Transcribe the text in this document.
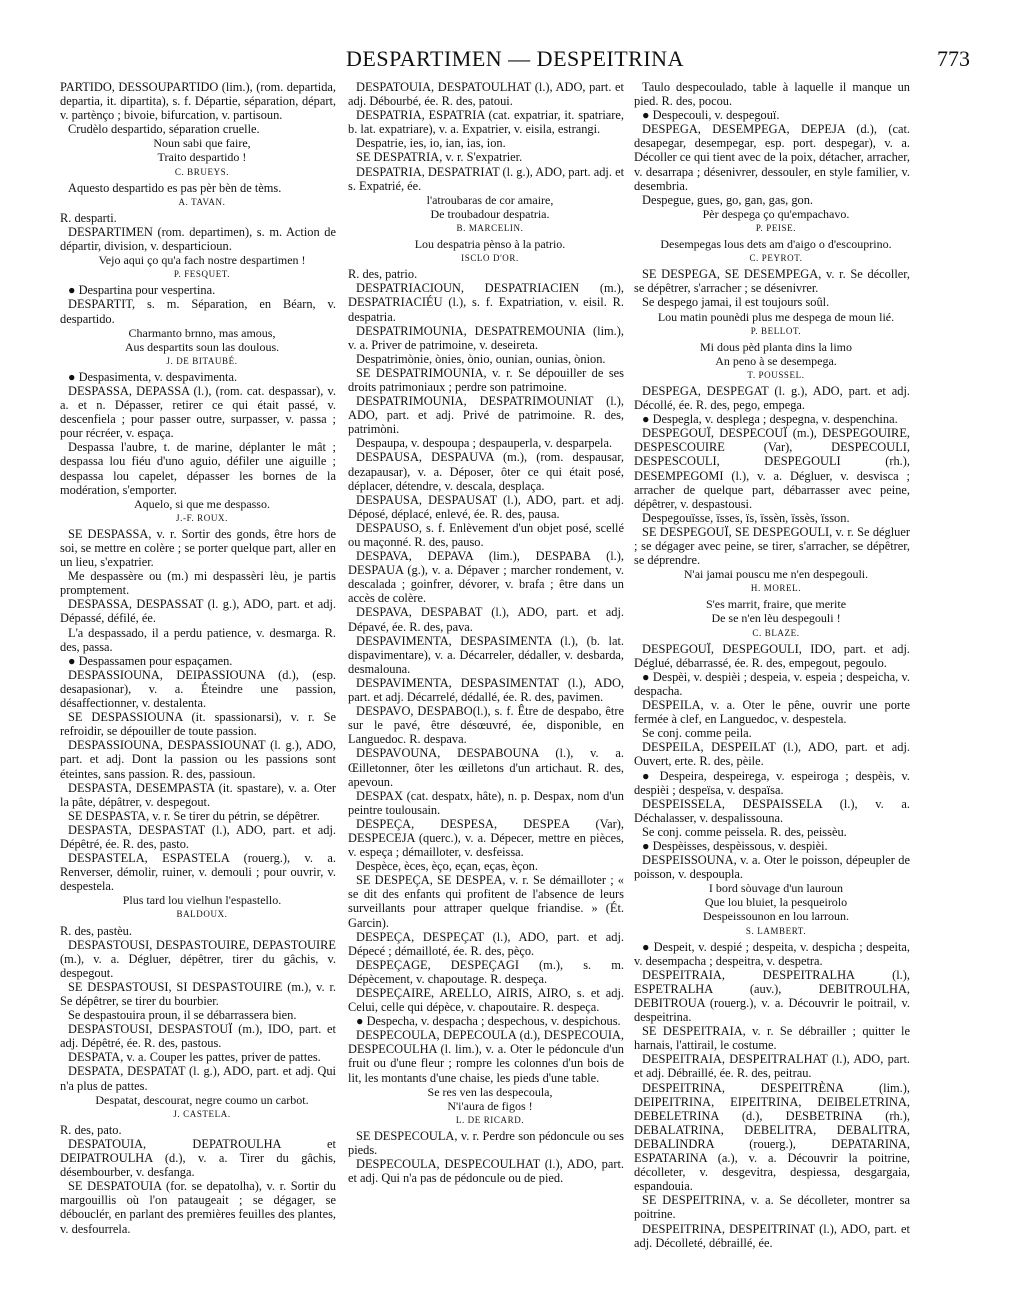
DESPARTIMEN — DESPEITRINA	773

PARTIDO, DESSOUPARTIDO (lim.), (rom. departida, departia, it. dipartita), s. f. Départie, séparation, départ, v. partènço ; bivoie, bifurcation, v. partisoun.

Crudèlo despartido, séparation cruelle.

Noun sabi que faire,

Traito despartido !

C. BRUEYS.

Aquesto despartido es pas pèr bèn de tèms.

A. TAVAN.

R. desparti.

DESPARTIMEN (rom. departimen), s. m. Action de départir, division, v. desparticioun.

Vejo aqui ço qu'a fach nostre despartimen !

P. FESQUET.

● Despartina pour vespertina.

DESPARTIT, s. m. Séparation, en Béarn, v. despartido.

Charmanto brnno, mas amous,

Aus despartits soun las doulous.

J. DE BITAUBÉ.

● Despasimenta, v. despavimenta.

DESPASSA, DEPASSA (l.), (rom. cat. despassar), v. a. et n. Dépasser, retirer ce qui était passé, v. descenfiela ; pour passer outre, surpasser, v. passa ; pour récréer, v. espaça.

Despassa l'aubre, t. de marine, déplanter le mât ; despassa lou fiéu d'uno aguio, défiler une aiguille ; despassa lou capelet, dépasser les bornes de la modération, s'emporter.

Aquelo, si que me despasso.

J.-F. ROUX.

SE DESPASSA, v. r. Sortir des gonds, être hors de soi, se mettre en colère ; se porter quelque part, aller en un lieu, s'expatrier.

Me despassère ou (m.) mi despassèri lèu, je partis promptement.

DESPASSA, DESPASSAT (l. g.), ADO, part. et adj. Dépassé, défilé, ée.

L'a despassado, il a perdu patience, v. desmarga. R. des, passa.

● Despassamen pour espaçamen.

DESPASSIOUNA, DEIPASSIOUNA (d.), (esp. desapasionar), v. a. Éteindre une passion, désaffectionner, v. destalenta.

SE DESPASSIOUNA (it. spassionarsi), v. r. Se refroidir, se dépouiller de toute passion.

DESPASSIOUNA, DESPASSIOUNAT (l. g.), ADO, part. et adj. Dont la passion ou les passions sont éteintes, sans passion. R. des, passioun.

DESPASTA, DESEMPASTA (it. spastare), v. a. Oter la pâte, dépâtrer, v. despegout.

SE DESPASTA, v. r. Se tirer du pétrin, se dépêtrer.

DESPASTA, DESPASTAT (l.), ADO, part. et adj. Dépêtré, ée. R. des, pasto.

DESPASTELA, ESPASTELA (rouerg.), v. a. Renverser, démolir, ruiner, v. demouli ; pour ouvrir, v. despestela.

Plus tard lou vielhun l'espastello.

BALDOUX.

R. des, pastèu.

DESPASTOUSI, DESPASTOUIRE, DEPASTOUIRE (m.), v. a. Dégluer, dépêtrer, tirer du gâchis, v. despegout.

SE DESPASTOUSI, SI DESPASTOUIRE (m.), v. r. Se dépêtrer, se tirer du bourbier.

Se despastouira proun, il se débarrassera bien.

DESPASTOUSI, DESPASTOUÏ (m.), IDO, part. et adj. Dépêtré, ée. R. des, pastous.

DESPATA, v. a. Couper les pattes, priver de pattes.

DESPATA, DESPATAT (l. g.), ADO, part. et adj. Qui n'a plus de pattes.

Despatat, descourat, negre coumo un carbot.

J. CASTELA.

R. des, pato.

DESPATOUIA, DEPATROULHA et DEIPATROULHA (d.), v. a. Tirer du gâchis, désembourber, v. desfanga.

SE DESPATOUIA (for. se depatolha), v. r. Sortir du margouillis où l'on pataugeait ; se dégager, se débouclér, en parlant des premières feuilles des plantes, v. desfourrela.

DESPATOUIA, DESPATOULHAT (l.), ADO, part. et adj. Débourbé, ée. R. des, patoui.

DESPATRIA, ESPATRIA (cat. expatriar, it. spatriare, b. lat. expatriare), v. a. Expatrier, v. eisila, estrangi.

Despatrie, ies, io, ian, ias, ion.

SE DESPATRIA, v. r. S'expatrier.

DESPATRIA, DESPATRIAT (l. g.), ADO, part. adj. et s. Expatrié, ée.

l'atroubaras de cor amaire,

De troubadour despatria.

B. MARCELIN.

Lou despatria pènso à la patrio.

ISCLO D'OR.

R. des, patrio.

DESPATRIACIOUN, DESPATRIACIEN (m.), DESPATRIACIÉU (l.), s. f. Expatriation, v. eisil. R. despatria.

DESPATRIMOUNIA, DESPATREMOUNIA (lim.), v. a. Priver de patrimoine, v. deseireta.

Despatrimònie, ònies, ònio, ounian, ounias, ònion.

SE DESPATRIMOUNIA, v. r. Se dépouiller de ses droits patrimoniaux ; perdre son patrimoine.

DESPATRIMOUNIA, DESPATRIMOUNIAT (l.), ADO, part. et adj. Privé de patrimoine. R. des, patrimòni.

Despaupa, v. despoupa ; despauperla, v. desparpela.

DESPAUSA, DESPAUVA (m.), (rom. despausar, dezapausar), v. a. Déposer, ôter ce qui était posé, déplacer, détendre, v. descala, desplaça.

DESPAUSA, DESPAUSAT (l.), ADO, part. et adj. Déposé, déplacé, enlevé, ée. R. des, pausa.

DESPAUSO, s. f. Enlèvement d'un objet posé, scellé ou maçonné. R. des, pauso.

DESPAVA, DEPAVA (lim.), DESPABA (l.), DESPAUA (g.), v. a. Dépaver ; marcher rondement, v. descalada ; goinfrer, dévorer, v. brafa ; être dans un accès de colère.

DESPAVA, DESPABAT (l.), ADO, part. et adj. Dépavé, ée. R. des, pava.

DESPAVIMENTA, DESPASIMENTA (l.), (b. lat. dispavimentare), v. a. Décarreler, dédaller, v. desbarda, desmalouna.

DESPAVIMENTA, DESPASIMENTAT (l.), ADO, part. et adj. Décarrelé, dédallé, ée. R. des, pavimen.

DESPAVO, DESPABO(l.), s. f. Être de despabo, être sur le pavé, être désœuvré, ée, disponible, en Languedoc. R. despava.

DESPAVOUNA, DESPABOUNA (l.), v. a. Œilletonner, ôter les œilletons d'un artichaut. R. des, apevoun.

DESPAX (cat. despatx, hâte), n. p. Despax, nom d'un peintre toulousain.

DESPEÇA, DESPESA, DESPEA (Var), DESPECEJA (querc.), v. a. Dépecer, mettre en pièces, v. espeça ; démailloter, v. desfeissa.

Despèce, èces, èço, eçan, eças, èçon.

SE DESPEÇA, SE DESPEA, v. r. Se démailloter ; « se dit des enfants qui profitent de l'absence de leurs surveillants pour attraper quelque friandise. » (Ét. Garcin).

DESPEÇA, DESPEÇAT (l.), ADO, part. et adj. Dépecé ; démailloté, ée. R. des, pèço.

DESPEÇAGE, DESPEÇAGI (m.), s. m. Dépècement, v. chapoutage. R. despeça.

DESPEÇAIRE, ARELLO, AIRIS, AIRO, s. et adj. Celui, celle qui dépèce, v. chapoutaire. R. despeça.

● Despecha, v. despacha ; despechous, v. despichous.

DESPECOULA, DEPECOULA (d.), DESPECOUIA, DESPECOULHA (l. lim.), v. a. Oter le pédoncule d'un fruit ou d'une fleur ; rompre les colonnes d'un bois de lit, les montants d'une chaise, les pieds d'une table.

Se res ven las despecoula,

N'i'aura de figos !

L. DE RICARD.

SE DESPECOULA, v. r. Perdre son pédoncule ou ses pieds.

DESPECOULA, DESPECOULHAT (l.), ADO, part. et adj. Qui n'a pas de pédoncule ou de pied.

Taulo despecoulado, table à laquelle il manque un pied. R. des, pocou.

● Despecouli, v. despegouï.

DESPEGA, DESEMPEGA, DEPEJA (d.), (cat. desapegar, desempegar, esp. port. despegar), v. a. Décoller ce qui tient avec de la poix, détacher, arracher, v. desarrapa ; désenivrer, dessouler, en style familier, v. desembria.

Despegue, gues, go, gan, gas, gon.

Pèr despega ço qu'empachavo.

P. PEISE.

Desempegas lous dets am d'aigo o d'escouprino.

C. PEYROT.

SE DESPEGA, SE DESEMPEGA, v. r. Se décoller, se dépêtrer, s'arracher ; se désenivrer.

Se despego jamai, il est toujours soûl.

Lou matin pounèdi plus me despega de moun lié.

P. BELLOT.

Mi dous pèd planta dins la limo

An peno à se desempega.

T. POUSSEL.

DESPEGA, DESPEGAT (l. g.), ADO, part. et adj. Décollé, ée. R. des, pego, empega.

● Despegla, v. desplega ; despegna, v. despenchina.

DESPEGOUÏ, DESPECOUÏ (m.), DESPEGOUIRE, DESPESCOUIRE (Var), DESPECOULI, DESPESCOULI, DESPEGOULI (rh.), DESEMPEGOMI (l.), v. a. Dégluer, v. desvisca ; arracher de quelque part, débarrasser avec peine, dépêtrer, v. despastousi.

Despegouïsse, ïsses, ïs, ïssèn, ïssès, ïsson.

SE DESPEGOUÏ, SE DESPEGOULI, v. r. Se dégluer ; se dégager avec peine, se tirer, s'arracher, se dépêtrer, se déprendre.

N'ai jamai pouscu me n'en despegouli.

H. MOREL.

S'es marrit, fraire, que merite

De se n'en lèu despegouli !

C. BLAZE.

DESPEGOUÏ, DESPEGOULI, IDO, part. et adj. Déglué, débarrassé, ée. R. des, empegout, pegoulo.

● Despèi, v. despièi ; despeia, v. espeia ; despeicha, v. despacha.

DESPEILA, v. a. Oter le pêne, ouvrir une porte fermée à clef, en Languedoc, v. despestela.

Se conj. comme peila.

DESPEILA, DESPEILAT (l.), ADO, part. et adj. Ouvert, erte. R. des, pèile.

● Despeira, despeirega, v. espeiroga ; despèis, v. despièi ; despeïsa, v. despaïsa.

DESPEISSELA, DESPAISSELA (l.), v. a. Déchalasser, v. despalissouna.

Se conj. comme peissela. R. des, peissèu.

● Despèisses, despèissous, v. despièi.

DESPEISSOUNA, v. a. Oter le poisson, dépeupler de poisson, v. despoupla.

I bord sòuvage d'un lauroun

Que lou bluiet, la pesqueirolo

Despeissounon en lou larroun.

S. LAMBERT.

● Despeit, v. despié ; despeita, v. despicha ; despeita, v. desempacha ; despeitra, v. despetra.

DESPEITRAIA, DESPEITRALHA (l.), ESPETRALHA (auv.), DEBITROULHA, DEBITROUA (rouerg.), v. a. Découvrir le poitrail, v. despeitrina.

SE DESPEITRAIA, v. r. Se débrailler ; quitter le harnais, l'attirail, le costume.

DESPEITRAIA, DESPEITRALHAT (l.), ADO, part. et adj. Débraillé, ée. R. des, peitrau.

DESPEITRINA, DESPEITRÈNA (lim.), DEIPEITRINA, EIPEITRINA, DEIBELETRINA, DEBELETRINA (d.), DESBETRINA (rh.), DEBALATRINA, DEBELITRA, DEBALITRA, DEBALINDRA (rouerg.), DEPATARINA, ESPATARINA (a.), v. a. Découvrir la poitrine, décolleter, v. desgevitra, despiessa, desgargaia, espandouia.

SE DESPEITRINA, v. a. Se décolleter, montrer sa poitrine.

DESPEITRINA, DESPEITRINAT (l.), ADO, part. et adj. Décolleté, débraillé, ée.
